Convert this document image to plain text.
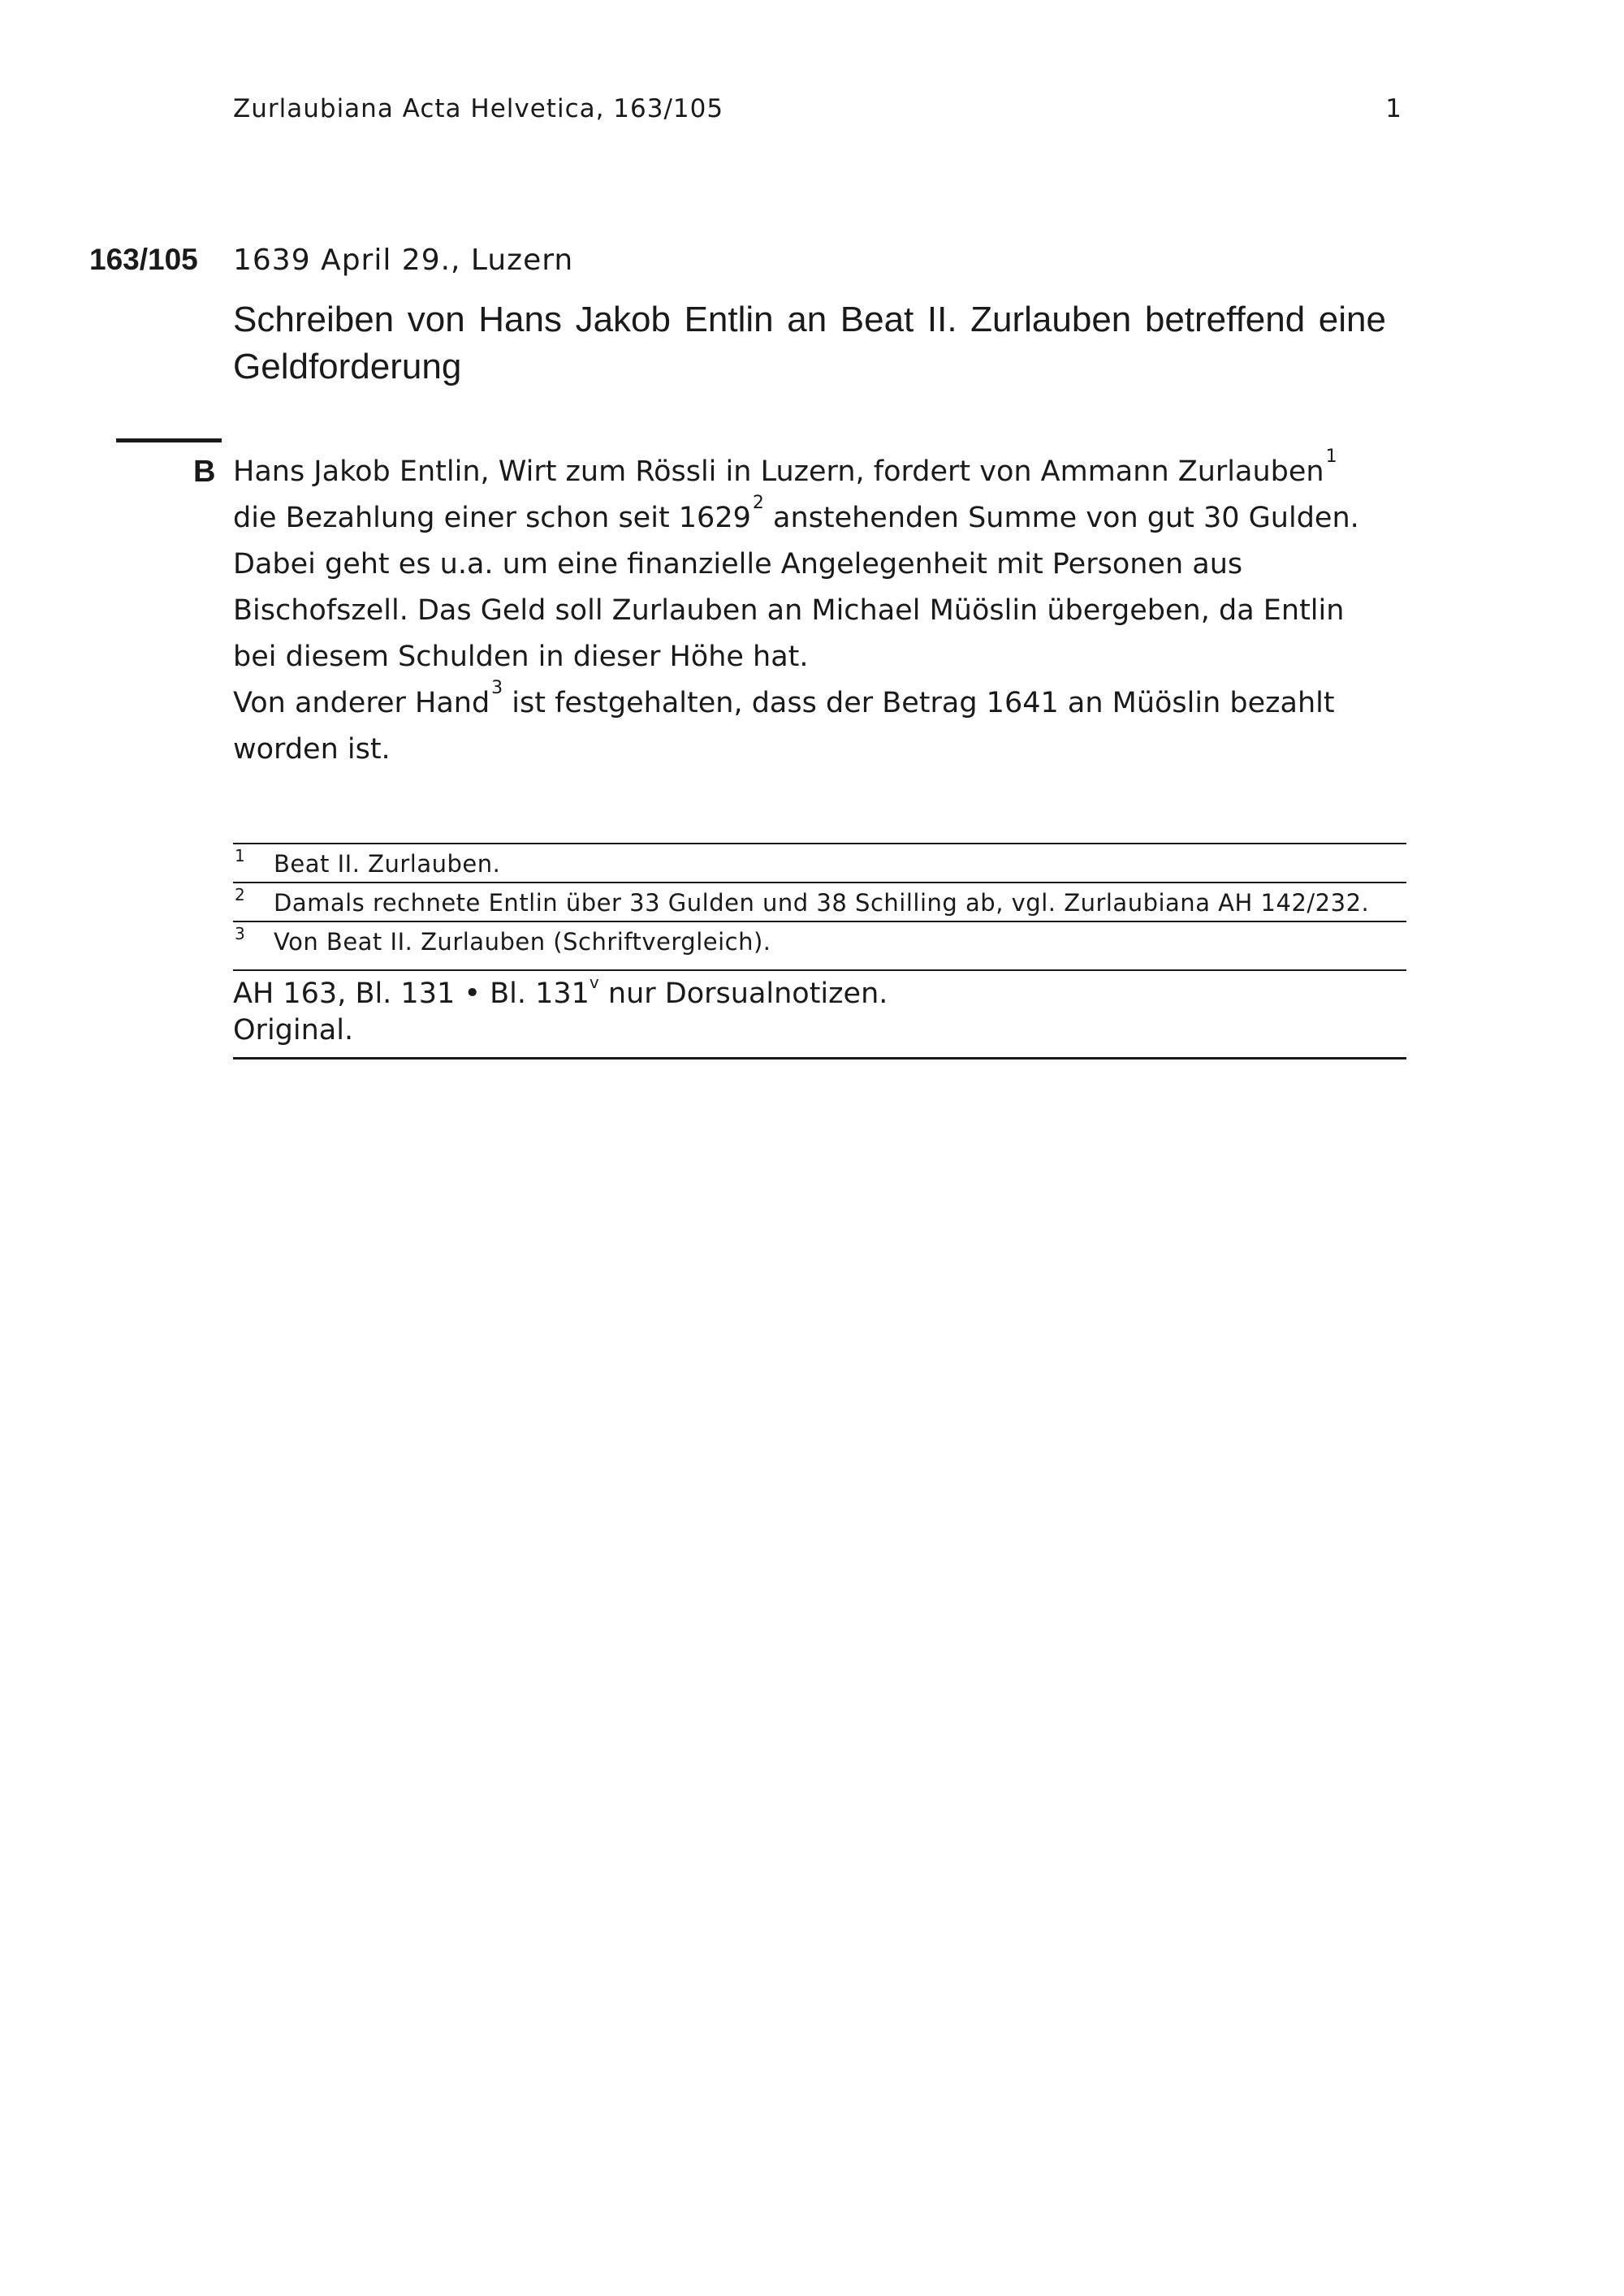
Zurlaubiana Acta Helvetica, 163/105	1
163/105 1639 April 29., Luzern
Schreiben von Hans Jakob Entlin an Beat II. Zurlauben betreffend eine Geldforderung
B Hans Jakob Entlin, Wirt zum Rössli in Luzern, fordert von Ammann Zurlauben$^1$
die Bezahlung einer schon seit 1629$^2$ anstehenden Summe von gut 30 Gulden.
Dabei geht es u.a. um eine finanzielle Angelegenheit mit Personen aus
Bischofszell. Das Geld soll Zurlauben an Michael Müöslin übergeben, da Entlin
bei diesem Schulden in dieser Höhe hat.
Von anderer Hand$^3$ ist festgehalten, dass der Betrag 1641 an Müöslin bezahlt
worden ist.
1 Beat II. Zurlauben.
2 Damals rechnete Entlin über 33 Gulden und 38 Schilling ab, vgl. Zurlaubiana AH 142/232.
3 Von Beat II. Zurlauben (Schriftvergleich).
AH 163, Bl. 131 • Bl. 131$^v$ nur Dorsualnotizen.
Original.
